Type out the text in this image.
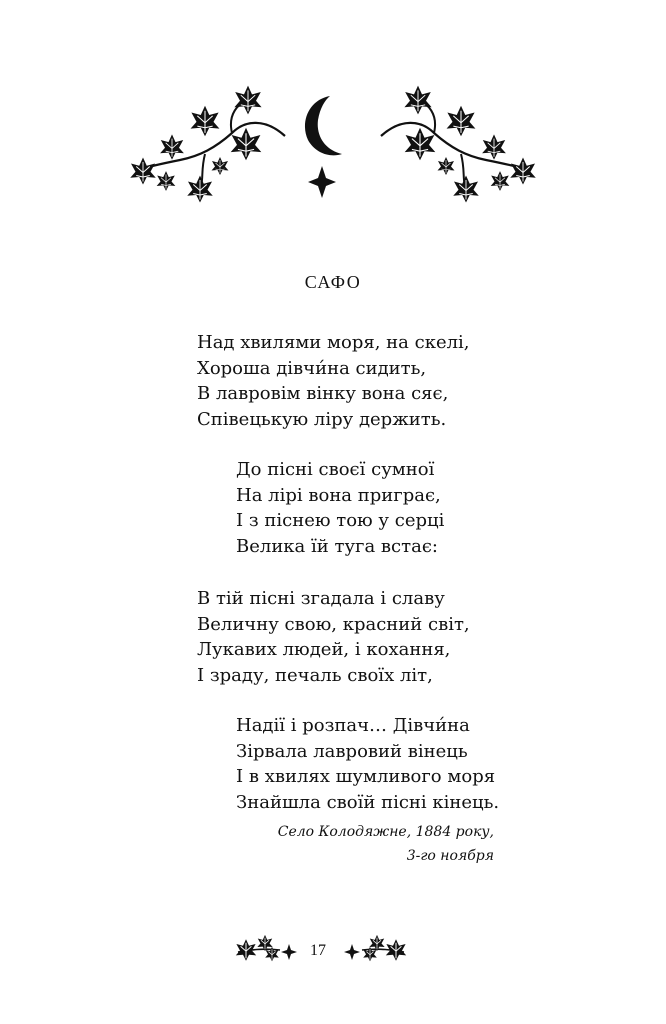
САФО
Над хвилями моря, на скелі,
Хороша дівчи́на сидить,
В лавровім вінку вона сяє,
Співецькую ліру держить.
До пісні своєї сумної
На лірі вона приграє,
І з піснею тою у серці
Велика їй туга встає:
В тій пісні згадала і славу
Величну свою, красний світ,
Лукавих людей, і кохання,
І зраду, печаль своїх літ,
Надії і розпач… Дівчи́на
Зірвала лавровий вінець
І в хвилях шумливого моря
Знайшла своїй пісні кінець.
Село Колодяжне, 1884 року,
3-го ноября
17
